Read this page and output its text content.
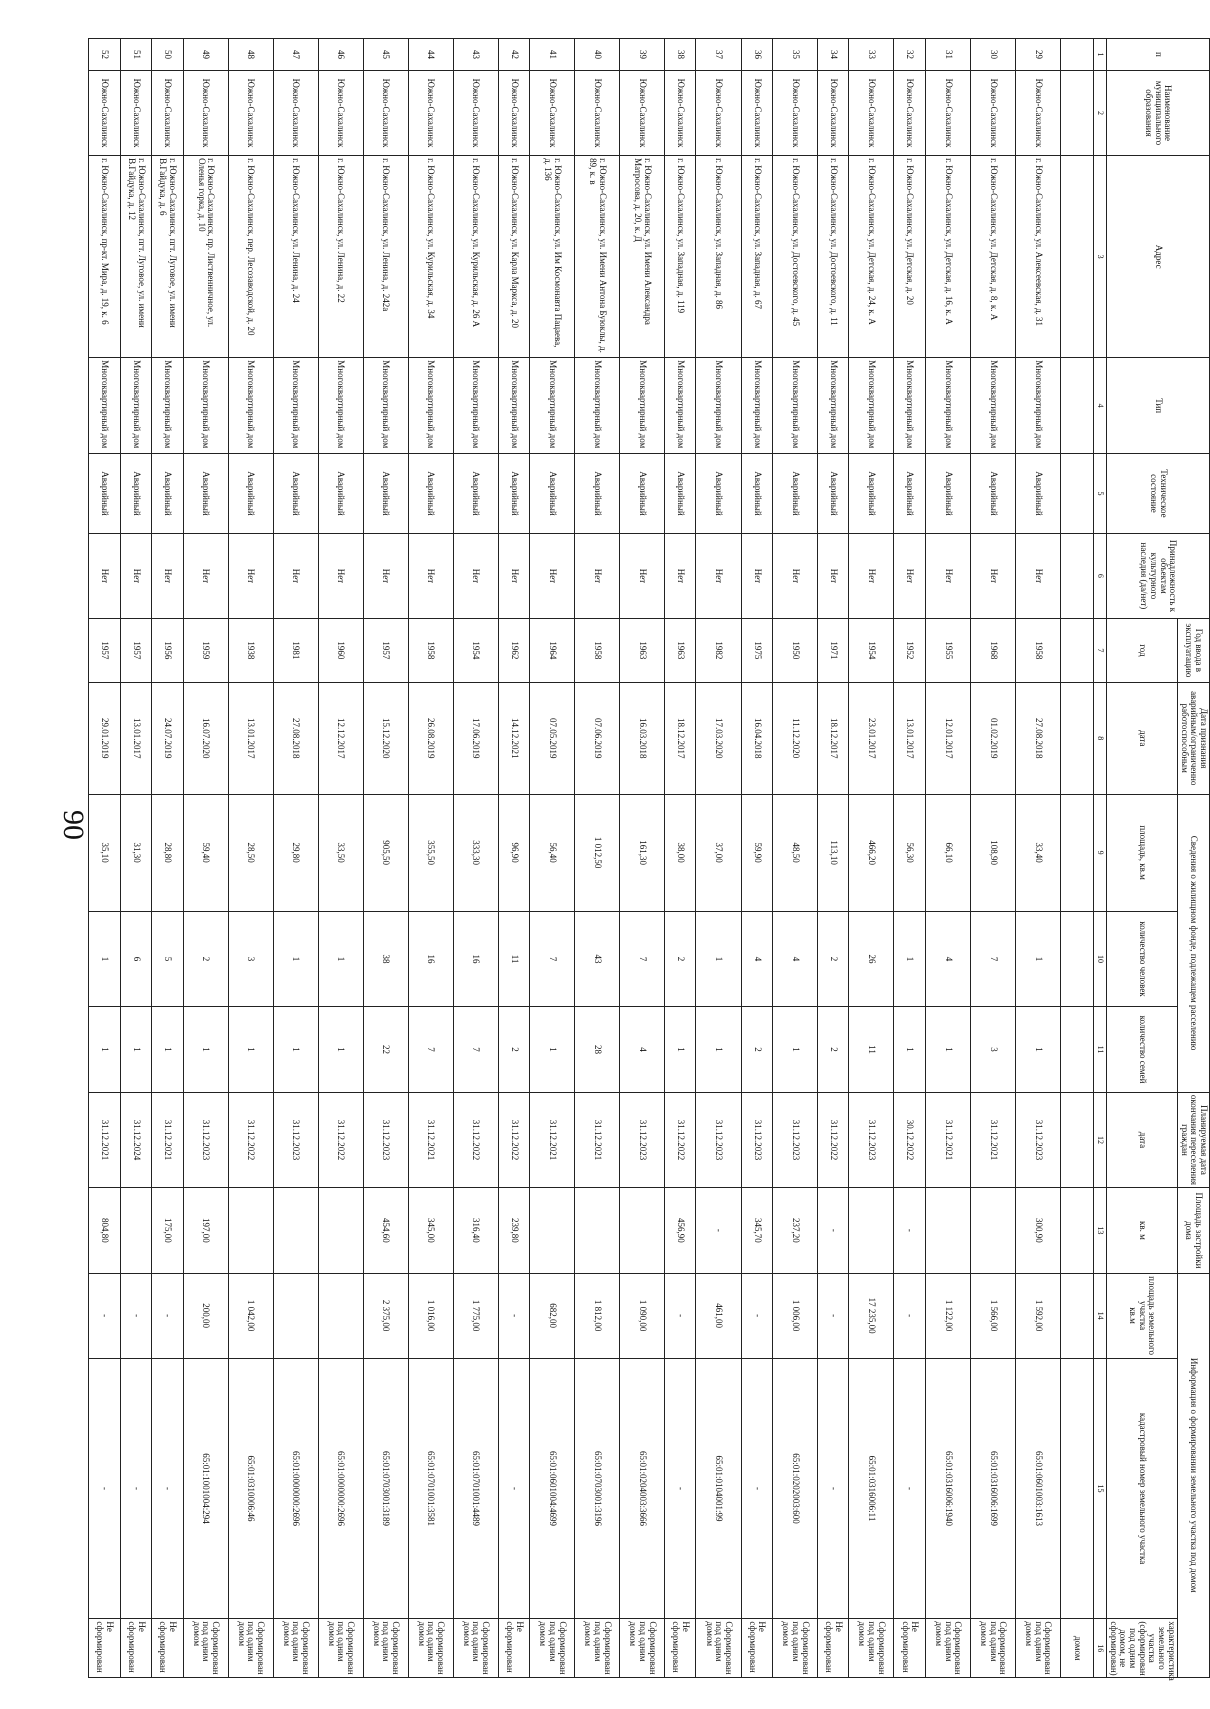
90
п	Наименование муниципального образования	Адрес	Тип	Техническое состояние	Принадлежность к объектам культурного наследия (да/нет)	Год ввода в эксплуатацию	Дата признания аварийным/ограниченно работоспособным	Сведения о жилищном фонде, подлежащем расселению			Планируемая дата окончания переселения граждан	Площадь застройки дома	Информация о формировании земельного участка под домом		
						год	дата	площадь, кв.м	количество человек	количество семей	дата	кв. м	площадь земельного участка
кв.м	кадастровый номер земельного участка	характеристика земельного участка (сформирован под одним домом, не сформирован)
1	2	3	4	5	6	7	8	9	10	11	12	13	14	15	16
															домом
29	Южно-Сахалинск	г. Южно-Сахалинск, ул. Алексеевская, д. 31	Многоквартирный дом	Аварийный	Нет	1958	27.08.2018	33,40	1	1	31.12.2023	300,90	1 592,00	65:01:0601003:1613	Сформирован под одним домом
30	Южно-Сахалинск	г. Южно-Сахалинск, ул. Детская, д. 8, к. А	Многоквартирный дом	Аварийный	Нет	1968	01.02.2019	108,90	7	3	31.12.2021		1 566,00	65:01:0316006:1699	Сформирован под одним домом
31	Южно-Сахалинск	г. Южно-Сахалинск, ул. Детская, д. 16, к. А	Многоквартирный дом	Аварийный	Нет	1955	12.01.2017	66,10	4	1	31.12.2021		1 122,00	65:01:0316006:1940	Сформирован под одним домом
32	Южно-Сахалинск	г. Южно-Сахалинск, ул. Детская, д. 20	Многоквартирный дом	Аварийный	Нет	1952	13.01.2017	56,30	1	1	30.12.2022	-	-	-	Не сформирован
33	Южно-Сахалинск	г. Южно-Сахалинск, ул. Детская, д. 24, к. А	Многоквартирный дом	Аварийный	Нет	1954	23.01.2017	466,20	26	11	31.12.2023		17 235,00	65:01:0316006:11	Сформирован под одним домом
34	Южно-Сахалинск	г. Южно-Сахалинск, ул. Достоевского, д. 11	Многоквартирный дом	Аварийный	Нет	1971	18.12.2017	113,10	2	2	31.12.2022	-	-	-	Не сформирован
35	Южно-Сахалинск	г. Южно-Сахалинск, ул. Достоевского, д. 45	Многоквартирный дом	Аварийный	Нет	1950	11.12.2020	48,50	4	1	31.12.2023	237,20	1 006,00	65:01:0202003:600	Сформирован под одним домом
36	Южно-Сахалинск	г. Южно-Сахалинск, ул. Западная, д. 67	Многоквартирный дом	Аварийный	Нет	1975	16.04.2018	59,90	4	2	31.12.2023	345,70	-	-	Не сформирован
37	Южно-Сахалинск	г. Южно-Сахалинск, ул. Западная, д. 86	Многоквартирный дом	Аварийный	Нет	1982	17.03.2020	37,00	1	1	31.12.2023	-	461,00	65:01:0104001:99	Сформирован под одним домом
38	Южно-Сахалинск	г. Южно-Сахалинск, ул. Западная, д. 119	Многоквартирный дом	Аварийный	Нет	1963	18.12.2017	38,00	2	1	31.12.2022	456,90	-	-	Не сформирован
39	Южно-Сахалинск	г. Южно-Сахалинск, ул. Имени Александра Матросова, д. 20, к. Д	Многоквартирный дом	Аварийный	Нет	1963	16.03.2018	161,30	7	4	31.12.2023		1 090,00	65:01:0204003:3666	Сформирован под одним домом
40	Южно-Сахалинск	г. Южно-Сахалинск, ул. Имени Антона Буюклы, д. 89, к. в	Многоквартирный дом	Аварийный	Нет	1958	07.06.2019	1 012,50	43	28	31.12.2021		1 812,00	65:01:0703001:3196	Сформирован под одним домом
41	Южно-Сахалинск	г. Южно-Сахалинск, ул. Им Космонавта Пацаева, д. 136	Многоквартирный дом	Аварийный	Нет	1964	07.05.2019	56,40	7	1	31.12.2021		682,00	65:01:0601004:4699	Сформирован под одним домом
42	Южно-Сахалинск	г. Южно-Сахалинск, ул. Карла Маркса, д. 20	Многоквартирный дом	Аварийный	Нет	1962	14.12.2021	96,90	11	2	31.12.2022	239,80	-	-	Не сформирован
43	Южно-Сахалинск	г. Южно-Сахалинск, ул. Курильская, д. 26 А	Многоквартирный дом	Аварийный	Нет	1954	17.06.2019	333,30	16	7	31.12.2022	316,40	1 775,00	65:01:0701001:4489	Сформирован под одним домом
44	Южно-Сахалинск	г. Южно-Сахалинск, ул. Курильская, д. 34	Многоквартирный дом	Аварийный	Нет	1958	26.08.2019	355,50	16	7	31.12.2021	345,00	1 016,00	65:01:0701001:3581	Сформирован под одним домом
45	Южно-Сахалинск	г. Южно-Сахалинск, ул. Ленина, д. 242а	Многоквартирный дом	Аварийный	Нет	1957	15.12.2020	905,50	38	22	31.12.2023	454,60	2 375,00	65:01:0703001:3189	Сформирован под одним домом
46	Южно-Сахалинск	г. Южно-Сахалинск, ул. Ленина, д. 22	Многоквартирный дом	Аварийный	Нет	1960	12.12.2017	33,50	1	1	31.12.2022			65:01:0000000:2696	Сформирован под одним домом
47	Южно-Сахалинск	г. Южно-Сахалинск, ул. Ленина, д. 24	Многоквартирный дом	Аварийный	Нет	1981	27.08.2018	29,80	1	1	31.12.2023			65:01:0000000:2696	Сформирован под одним домом
48	Южно-Сахалинск	г. Южно-Сахалинск, пер. Лесозаводской, д. 20	Многоквартирный дом	Аварийный	Нет	1938	13.01.2017	28,50	3	1	31.12.2022		1 042,00	65:01:0310006:46	Сформирован под одним домом
49	Южно-Сахалинск	г. Южно-Сахалинск, пр. Лиственничное, ул. Оленья горка, д. 10	Многоквартирный дом	Аварийный	Нет	1959	16.07.2020	59,40	2	1	31.12.2023	197,00	200,00	65:01:1001004:294	Сформирован под одним домом
50	Южно-Сахалинск	г. Южно-Сахалинск, пгт. Луговое, ул. имени В.Гайдука, д. 6	Многоквартирный дом	Аварийный	Нет	1956	24.07.2019	28,80	5	1	31.12.2021	175,00	-	-	Не сформирован
51	Южно-Сахалинск	г. Южно-Сахалинск, пгт. Луговое, ул. имени В.Гайдука, д. 12	Многоквартирный дом	Аварийный	Нет	1957	13.01.2017	31,30	6	1	31.12.2024		-	-	Не сформирован
52	Южно-Сахалинск	г. Южно-Сахалинск, пр-кт. Мира, д. 19, к. 6	Многоквартирный дом	Аварийный	Нет	1957	29.01.2019	35,10	1	1	31.12.2021	804,80	-	-	Не сформирован
